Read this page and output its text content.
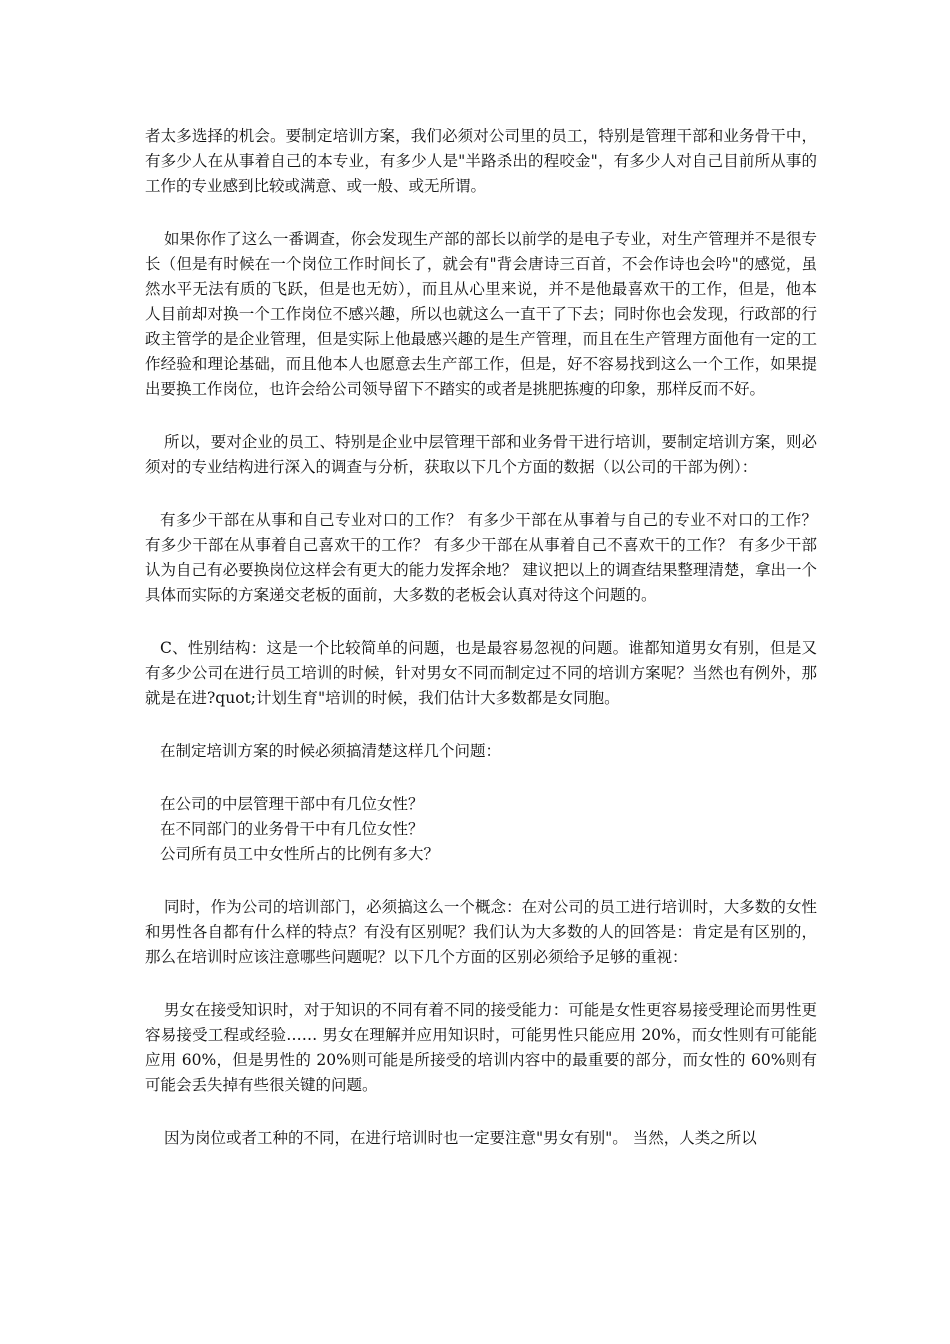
者太多选择的机会。要制定培训方案，我们必须对公司里的员工，特别是管理干部和业务骨干中，有多少人在从事着自己的本专业，有多少人是"半路杀出的程咬金"，有多少人对自己目前所从事的工作的专业感到比较或满意、或一般、或无所谓。

如果你作了这么一番调查，你会发现生产部的部长以前学的是电子专业，对生产管理并不是很专长（但是有时候在一个岗位工作时间长了，就会有"背会唐诗三百首，不会作诗也会吟"的感觉，虽然水平无法有质的飞跃，但是也无妨），而且从心里来说，并不是他最喜欢干的工作，但是，他本人目前却对换一个工作岗位不感兴趣，所以也就这么一直干了下去；同时你也会发现，行政部的行政主管学的是企业管理，但是实际上他最感兴趣的是生产管理，而且在生产管理方面他有一定的工作经验和理论基础，而且他本人也愿意去生产部工作，但是，好不容易找到这么一个工作，如果提出要换工作岗位，也许会给公司领导留下不踏实的或者是挑肥拣瘦的印象，那样反而不好。

所以，要对企业的员工、特别是企业中层管理干部和业务骨干进行培训，要制定培训方案，则必须对的专业结构进行深入的调查与分析，获取以下几个方面的数据（以公司的干部为例）：

有多少干部在从事和自己专业对口的工作？ 有多少干部在从事着与自己的专业不对口的工作？ 有多少干部在从事着自己喜欢干的工作？ 有多少干部在从事着自己不喜欢干的工作？ 有多少干部认为自己有必要换岗位这样会有更大的能力发挥余地？ 建议把以上的调查结果整理清楚，拿出一个具体而实际的方案递交老板的面前，大多数的老板会认真对待这个问题的。

C、性别结构：这是一个比较简单的问题，也是最容易忽视的问题。谁都知道男女有别，但是又有多少公司在进行员工培训的时候，针对男女不同而制定过不同的培训方案呢？当然也有例外，那就是在进?quot;计划生育"培训的时候，我们估计大多数都是女同胞。

在制定培训方案的时候必须搞清楚这样几个问题：

在公司的中层管理干部中有几位女性？
在不同部门的业务骨干中有几位女性？
公司所有员工中女性所占的比例有多大？

同时，作为公司的培训部门，必须搞这么一个概念：在对公司的员工进行培训时，大多数的女性和男性各自都有什么样的特点？有没有区别呢？我们认为大多数的人的回答是：肯定是有区别的，那么在培训时应该注意哪些问题呢？以下几个方面的区别必须给予足够的重视：

男女在接受知识时，对于知识的不同有着不同的接受能力：可能是女性更容易接受理论而男性更容易接受工程或经验…… 男女在理解并应用知识时，可能男性只能应用 20%，而女性则有可能能应用 60%，但是男性的 20%则可能是所接受的培训内容中的最重要的部分，而女性的 60%则有可能会丢失掉有些很关键的问题。

因为岗位或者工种的不同，在进行培训时也一定要注意"男女有别"。 当然，人类之所以
